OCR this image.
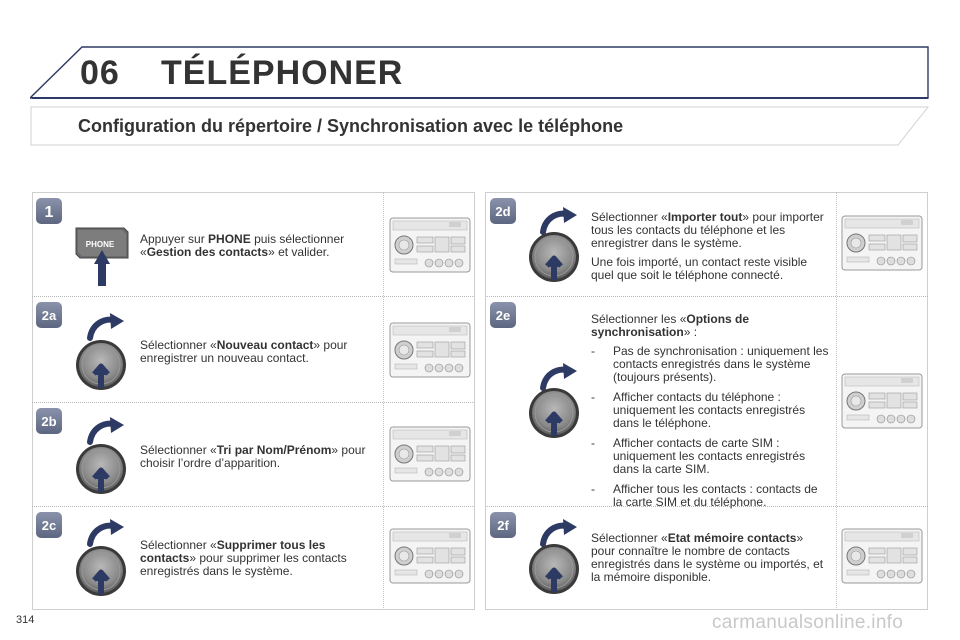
06 TÉLÉPHONER
Configuration du répertoire / Synchronisation avec le téléphone
1
PHONE Appuyer sur PHONE puis sélectionner «Gestion des contacts» et valider.
2a
Sélectionner «Nouveau contact» pour enregistrer un nouveau contact.
2b
Sélectionner «Tri par Nom/Prénom» pour choisir l’ordre d’apparition.
2c
Sélectionner «Supprimer tous les contacts» pour supprimer les contacts enregistrés dans le système.
2d	Sélectionner «Importer tout» pour importer tous les contacts du téléphone et les enregistrer dans le système.

Une fois importé, un contact reste visible quel que soit le téléphone connecté.

2e	Sélectionner les «Options de synchronisation» :

- Pas de synchronisation : uniquement les contacts enregistrés dans le système (toujours présents).
- Afficher contacts du téléphone : uniquement les contacts enregistrés dans le téléphone.
- Afficher contacts de carte SIM : uniquement les contacts enregistrés dans la carte SIM.
- Afficher tous les contacts : contacts de la carte SIM et du téléphone.
2f
Sélectionner «Etat mémoire contacts» pour connaître le nombre de contacts enregistrés dans le système ou importés, et la mémoire disponible.
314	carmanualsonline.info
